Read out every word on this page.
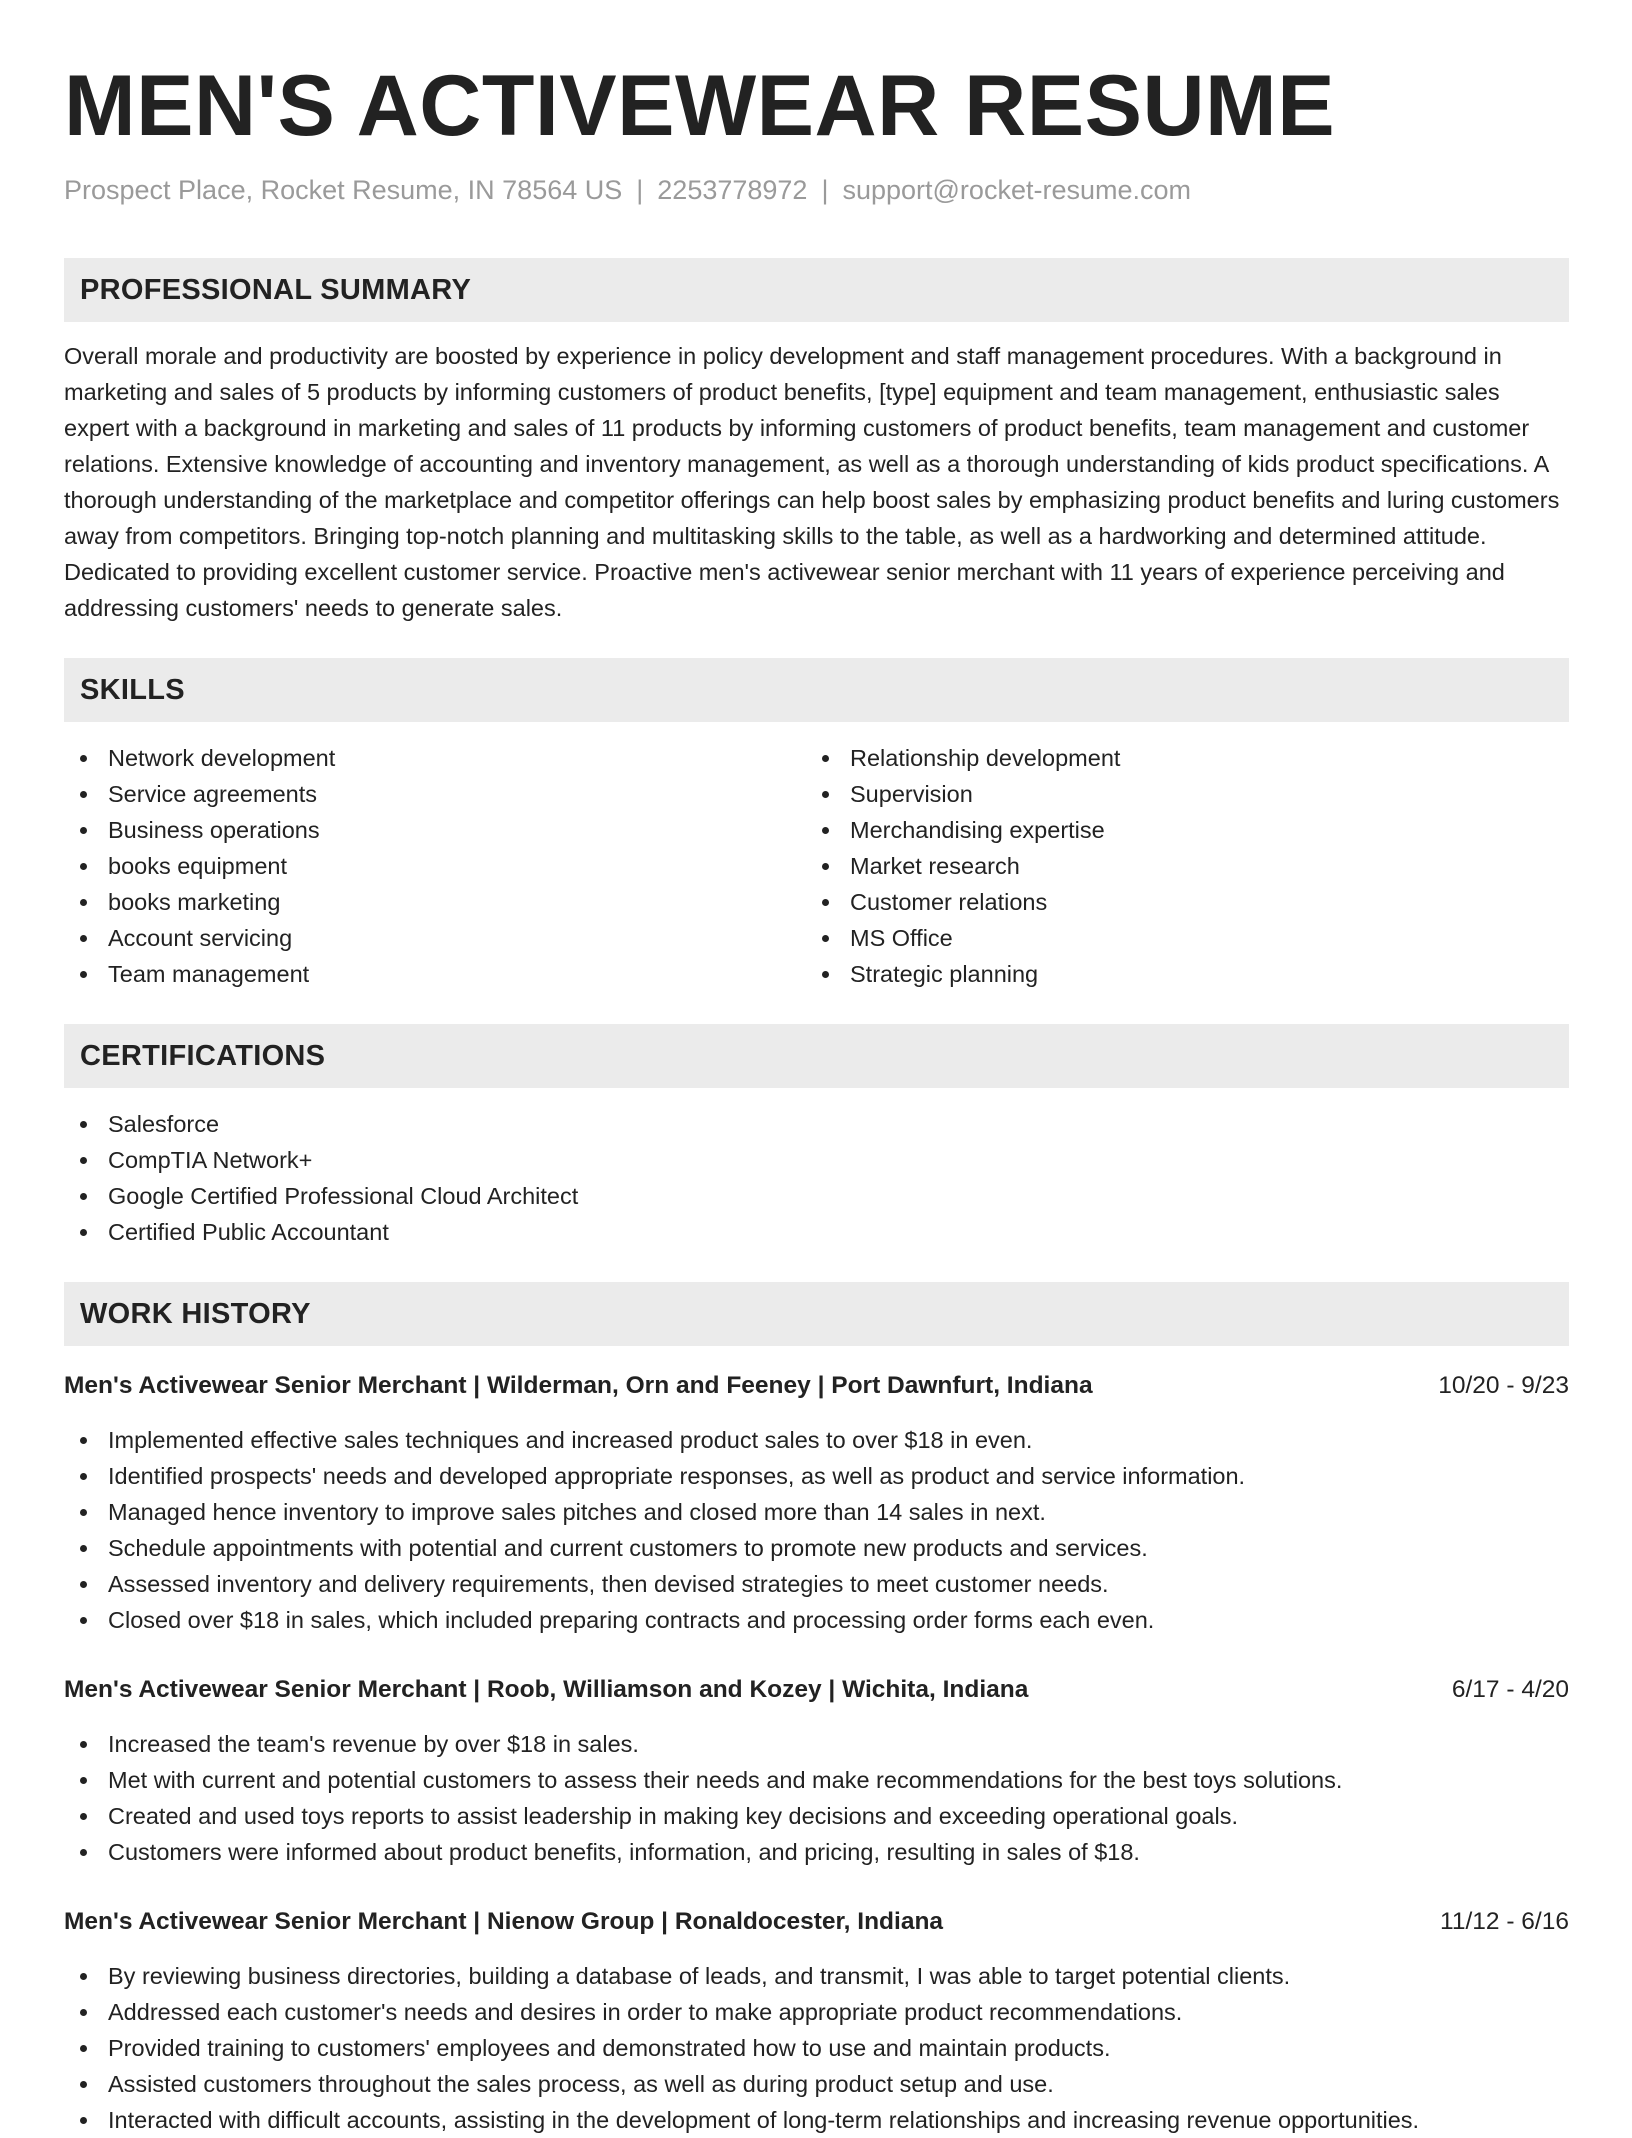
MEN'S ACTIVEWEAR RESUME
Prospect Place, Rocket Resume, IN 78564 US | 2253778972 | support@rocket-resume.com
PROFESSIONAL SUMMARY

Overall morale and productivity are boosted by experience in policy development and staff management procedures. With a background in marketing and sales of 5 products by informing customers of product benefits, [type] equipment and team management, enthusiastic sales expert with a background in marketing and sales of 11 products by informing customers of product benefits, team management and customer relations. Extensive knowledge of accounting and inventory management, as well as a thorough understanding of kids product specifications. A thorough understanding of the marketplace and competitor offerings can help boost sales by emphasizing product benefits and luring customers away from competitors. Bringing top-notch planning and multitasking skills to the table, as well as a hardworking and determined attitude. Dedicated to providing excellent customer service. Proactive men's activewear senior merchant with 11 years of experience perceiving and addressing customers' needs to generate sales.

SKILLS
Network development
Service agreements
Business operations
books equipment
books marketing
Account servicing
Team management
Relationship development
Supervision
Merchandising expertise
Market research
Customer relations
MS Office
Strategic planning
CERTIFICATIONS
Salesforce
CompTIA Network+
Google Certified Professional Cloud Architect
Certified Public Accountant
WORK HISTORY
Men's Activewear Senior Merchant | Wilderman, Orn and Feeney | Port Dawnfurt, Indiana	10/20 - 9/23
Implemented effective sales techniques and increased product sales to over $18 in even.
Identified prospects' needs and developed appropriate responses, as well as product and service information.
Managed hence inventory to improve sales pitches and closed more than 14 sales in next.
Schedule appointments with potential and current customers to promote new products and services.
Assessed inventory and delivery requirements, then devised strategies to meet customer needs.
Closed over $18 in sales, which included preparing contracts and processing order forms each even.
Men's Activewear Senior Merchant | Roob, Williamson and Kozey | Wichita, Indiana	6/17 - 4/20
Increased the team's revenue by over $18 in sales.
Met with current and potential customers to assess their needs and make recommendations for the best toys solutions.
Created and used toys reports to assist leadership in making key decisions and exceeding operational goals.
Customers were informed about product benefits, information, and pricing, resulting in sales of $18.
Men's Activewear Senior Merchant | Nienow Group | Ronaldocester, Indiana	11/12 - 6/16
By reviewing business directories, building a database of leads, and transmit, I was able to target potential clients.
Addressed each customer's needs and desires in order to make appropriate product recommendations.
Provided training to customers' employees and demonstrated how to use and maintain products.
Assisted customers throughout the sales process, as well as during product setup and use.
Interacted with difficult accounts, assisting in the development of long-term relationships and increasing revenue opportunities.
